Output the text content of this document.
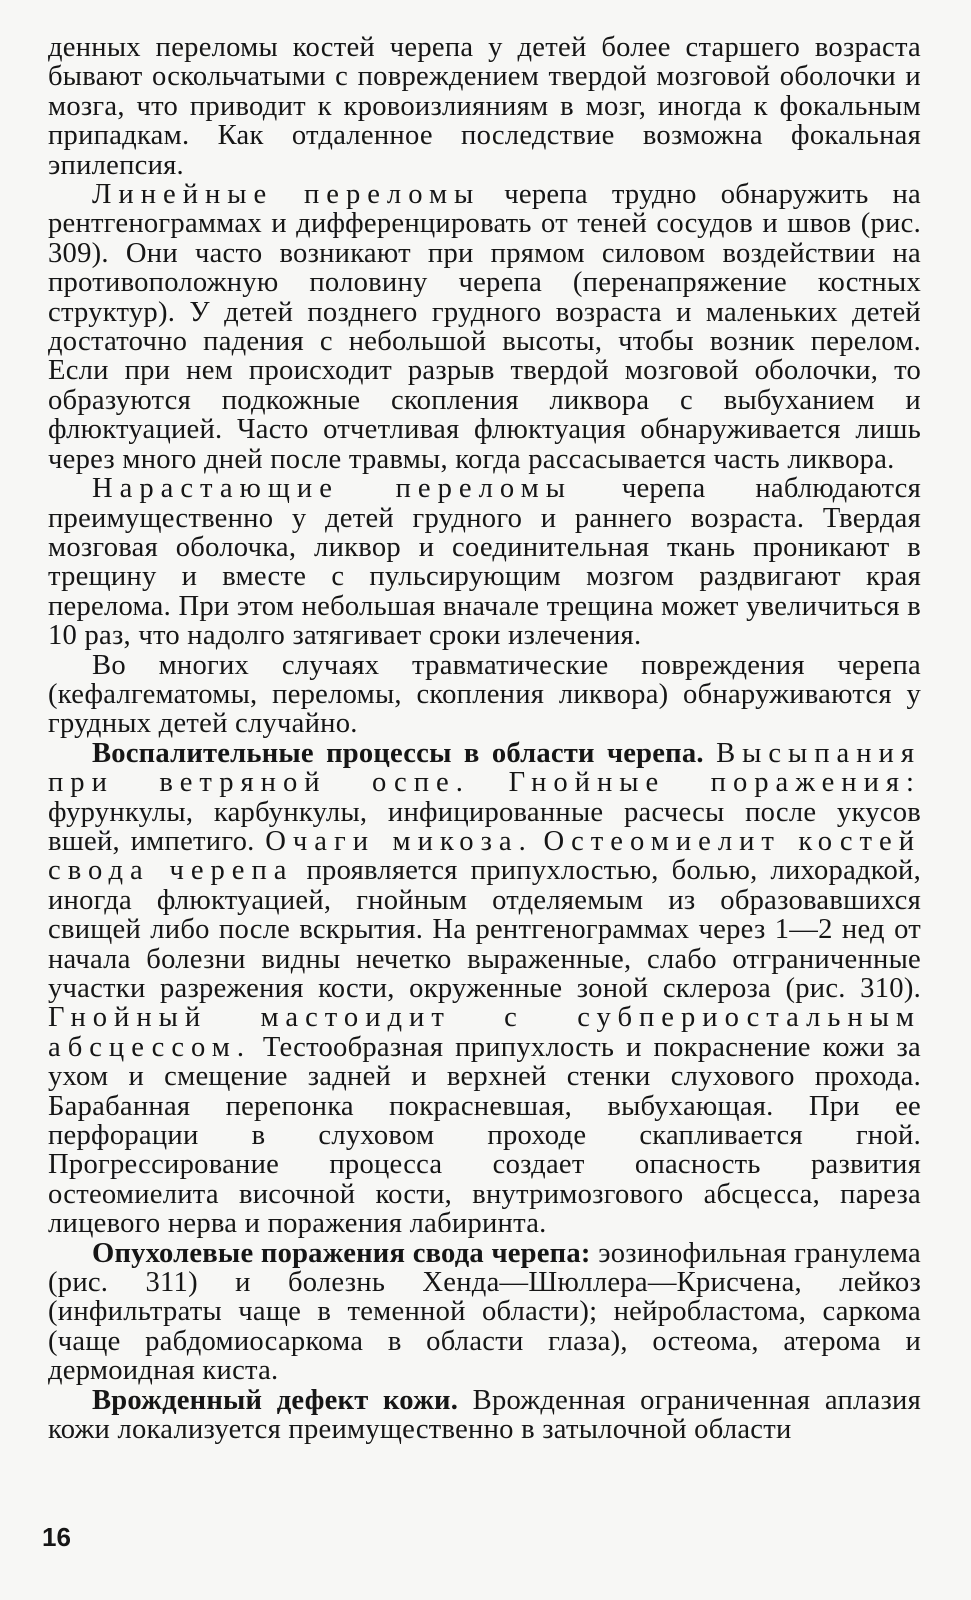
денных переломы костей черепа у детей более старшего возраста бывают оскольчатыми с повреждением твердой мозговой оболочки и мозга, что приводит к кровоизлияниям в мозг, иногда к фокальным припадкам. Как отдаленное последствие возможна фокальная эпилепсия.

Линейные переломы черепа трудно обнаружить на рентгенограммах и дифференцировать от теней сосудов и швов (рис. 309). Они часто возникают при прямом силовом воздействии на противоположную половину черепа (перенапряжение костных структур). У детей позднего грудного возраста и маленьких детей достаточно падения с небольшой высоты, чтобы возник перелом. Если при нем происходит разрыв твердой мозговой оболочки, то образуются подкожные скопления ликвора с выбуханием и флюктуацией. Часто отчетливая флюктуация обнаруживается лишь через много дней после травмы, когда рассасывается часть ликвора.

Нарастающие переломы черепа наблюдаются преимущественно у детей грудного и раннего возраста. Твердая мозговая оболочка, ликвор и соединительная ткань проникают в трещину и вместе с пульсирующим мозгом раздвигают края перелома. При этом небольшая вначале трещина может увеличиться в 10 раз, что надолго затягивает сроки излечения.

Во многих случаях травматические повреждения черепа (кефалгематомы, переломы, скопления ликвора) обнаруживаются у грудных детей случайно.

Воспалительные процессы в области черепа. Высыпания при ветряной оспе. Гнойные поражения: фурункулы, карбункулы, инфицированные расчесы после укусов вшей, импетиго. Очаги микоза. Остеомиелит костей свода черепа проявляется припухлостью, болью, лихорадкой, иногда флюктуацией, гнойным отделяемым из образовавшихся свищей либо после вскрытия. На рентгенограммах через 1—2 нед от начала болезни видны нечетко выраженные, слабо отграниченные участки разрежения кости, окруженные зоной склероза (рис. 310). Гнойный мастоидит с субпериостальным абсцессом. Тестообразная припухлость и покраснение кожи за ухом и смещение задней и верхней стенки слухового прохода. Барабанная перепонка покрасневшая, выбухающая. При ее перфорации в слуховом проходе скапливается гной. Прогрессирование процесса создает опасность развития остеомиелита височной кости, внутримозгового абсцесса, пареза лицевого нерва и поражения лабиринта.

Опухолевые поражения свода черепа: эозинофильная гранулема (рис. 311) и болезнь Хенда—Шюллера—Крисчена, лейкоз (инфильтраты чаще в теменной области); нейробластома, саркома (чаще рабдомиосаркома в области глаза), остеома, атерома и дермоидная киста.

Врожденный дефект кожи. Врожденная ограниченная аплазия кожи локализуется преимущественно в затылочной области

16
